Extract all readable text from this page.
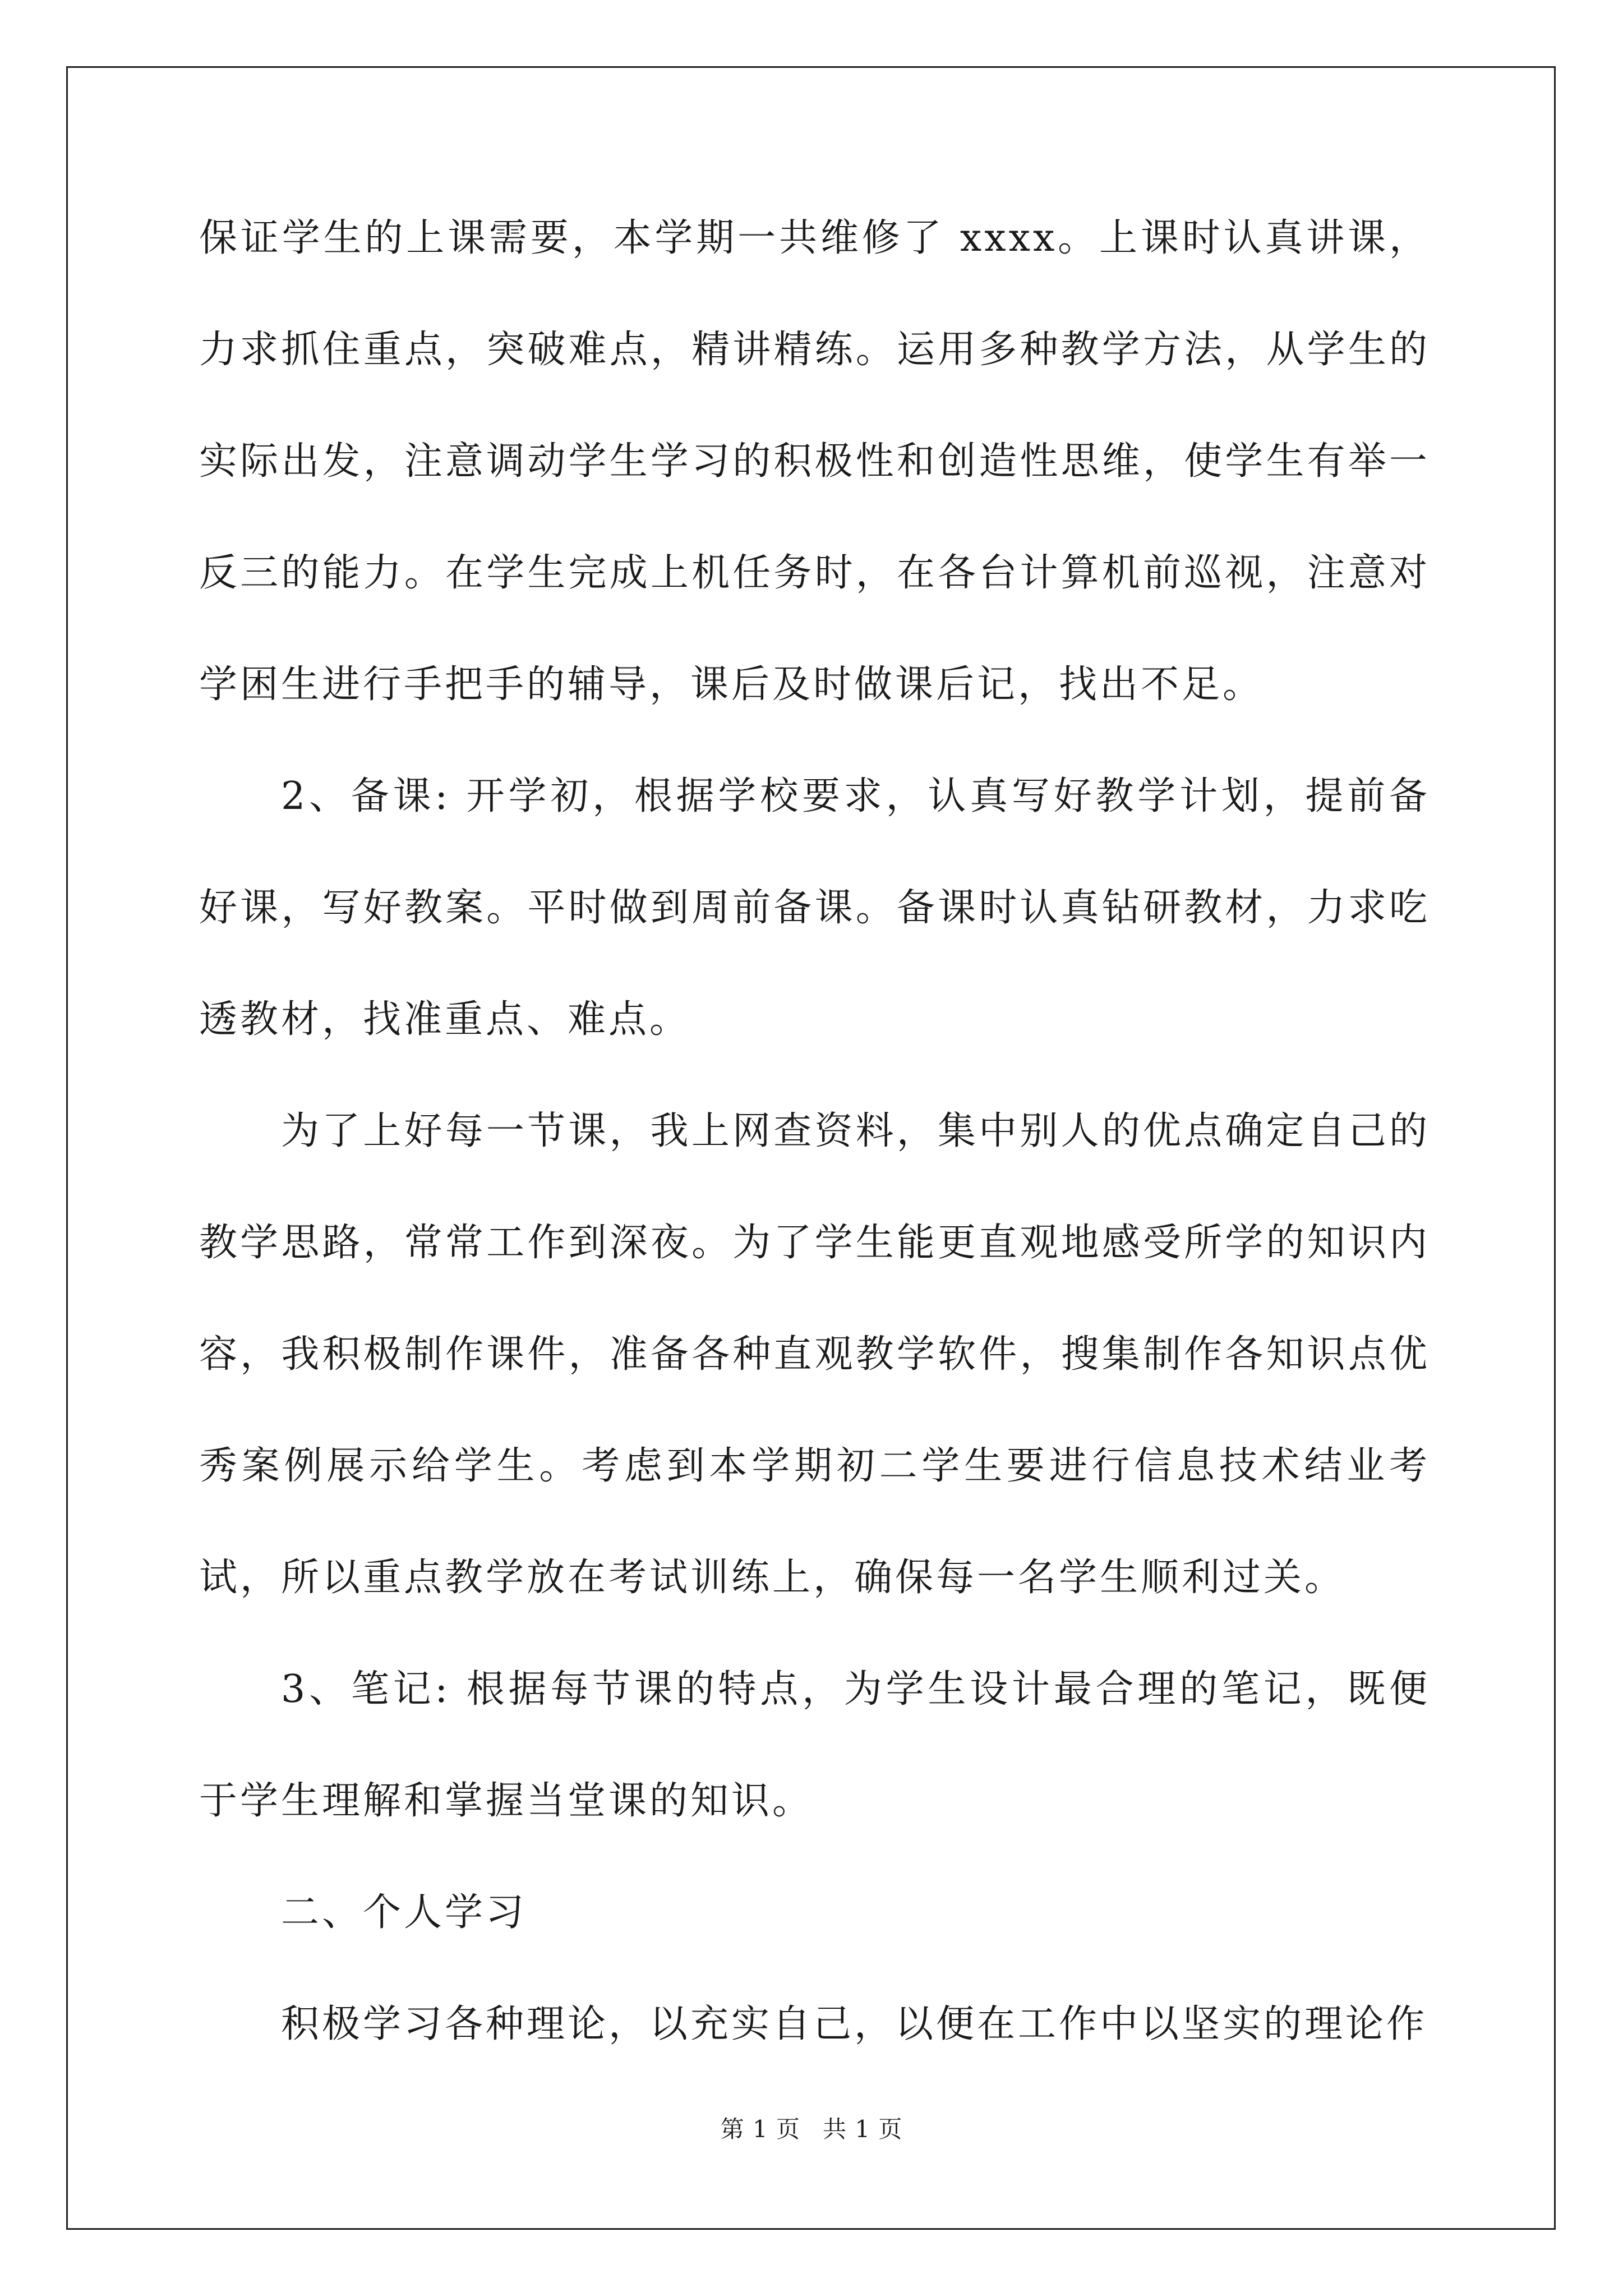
保证学生的上课需要，本学期一共维修了 xxxx。上课时认真讲课，力求抓住重点，突破难点，精讲精练。运用多种教学方法，从学生的实际出发，注意调动学生学习的积极性和创造性思维，使学生有举一反三的能力。在学生完成上机任务时，在各台计算机前巡视，注意对学困生进行手把手的辅导，课后及时做课后记，找出不足。

2、备课: 开学初，根据学校要求，认真写好教学计划，提前备好课，写好教案。平时做到周前备课。备课时认真钻研教材，力求吃透教材，找准重点、难点。

为了上好每一节课，我上网查资料，集中别人的优点确定自己的教学思路，常常工作到深夜。为了学生能更直观地感受所学的知识内容，我积极制作课件，准备各种直观教学软件，搜集制作各知识点优秀案例展示给学生。考虑到本学期初二学生要进行信息技术结业考试，所以重点教学放在考试训练上，确保每一名学生顺利过关。

3、笔记: 根据每节课的特点，为学生设计最合理的笔记，既便于学生理解和掌握当堂课的知识。

二、个人学习

积极学习各种理论，以充实自己，以便在工作中以坚实的理论作

第 1 页 共 1 页
